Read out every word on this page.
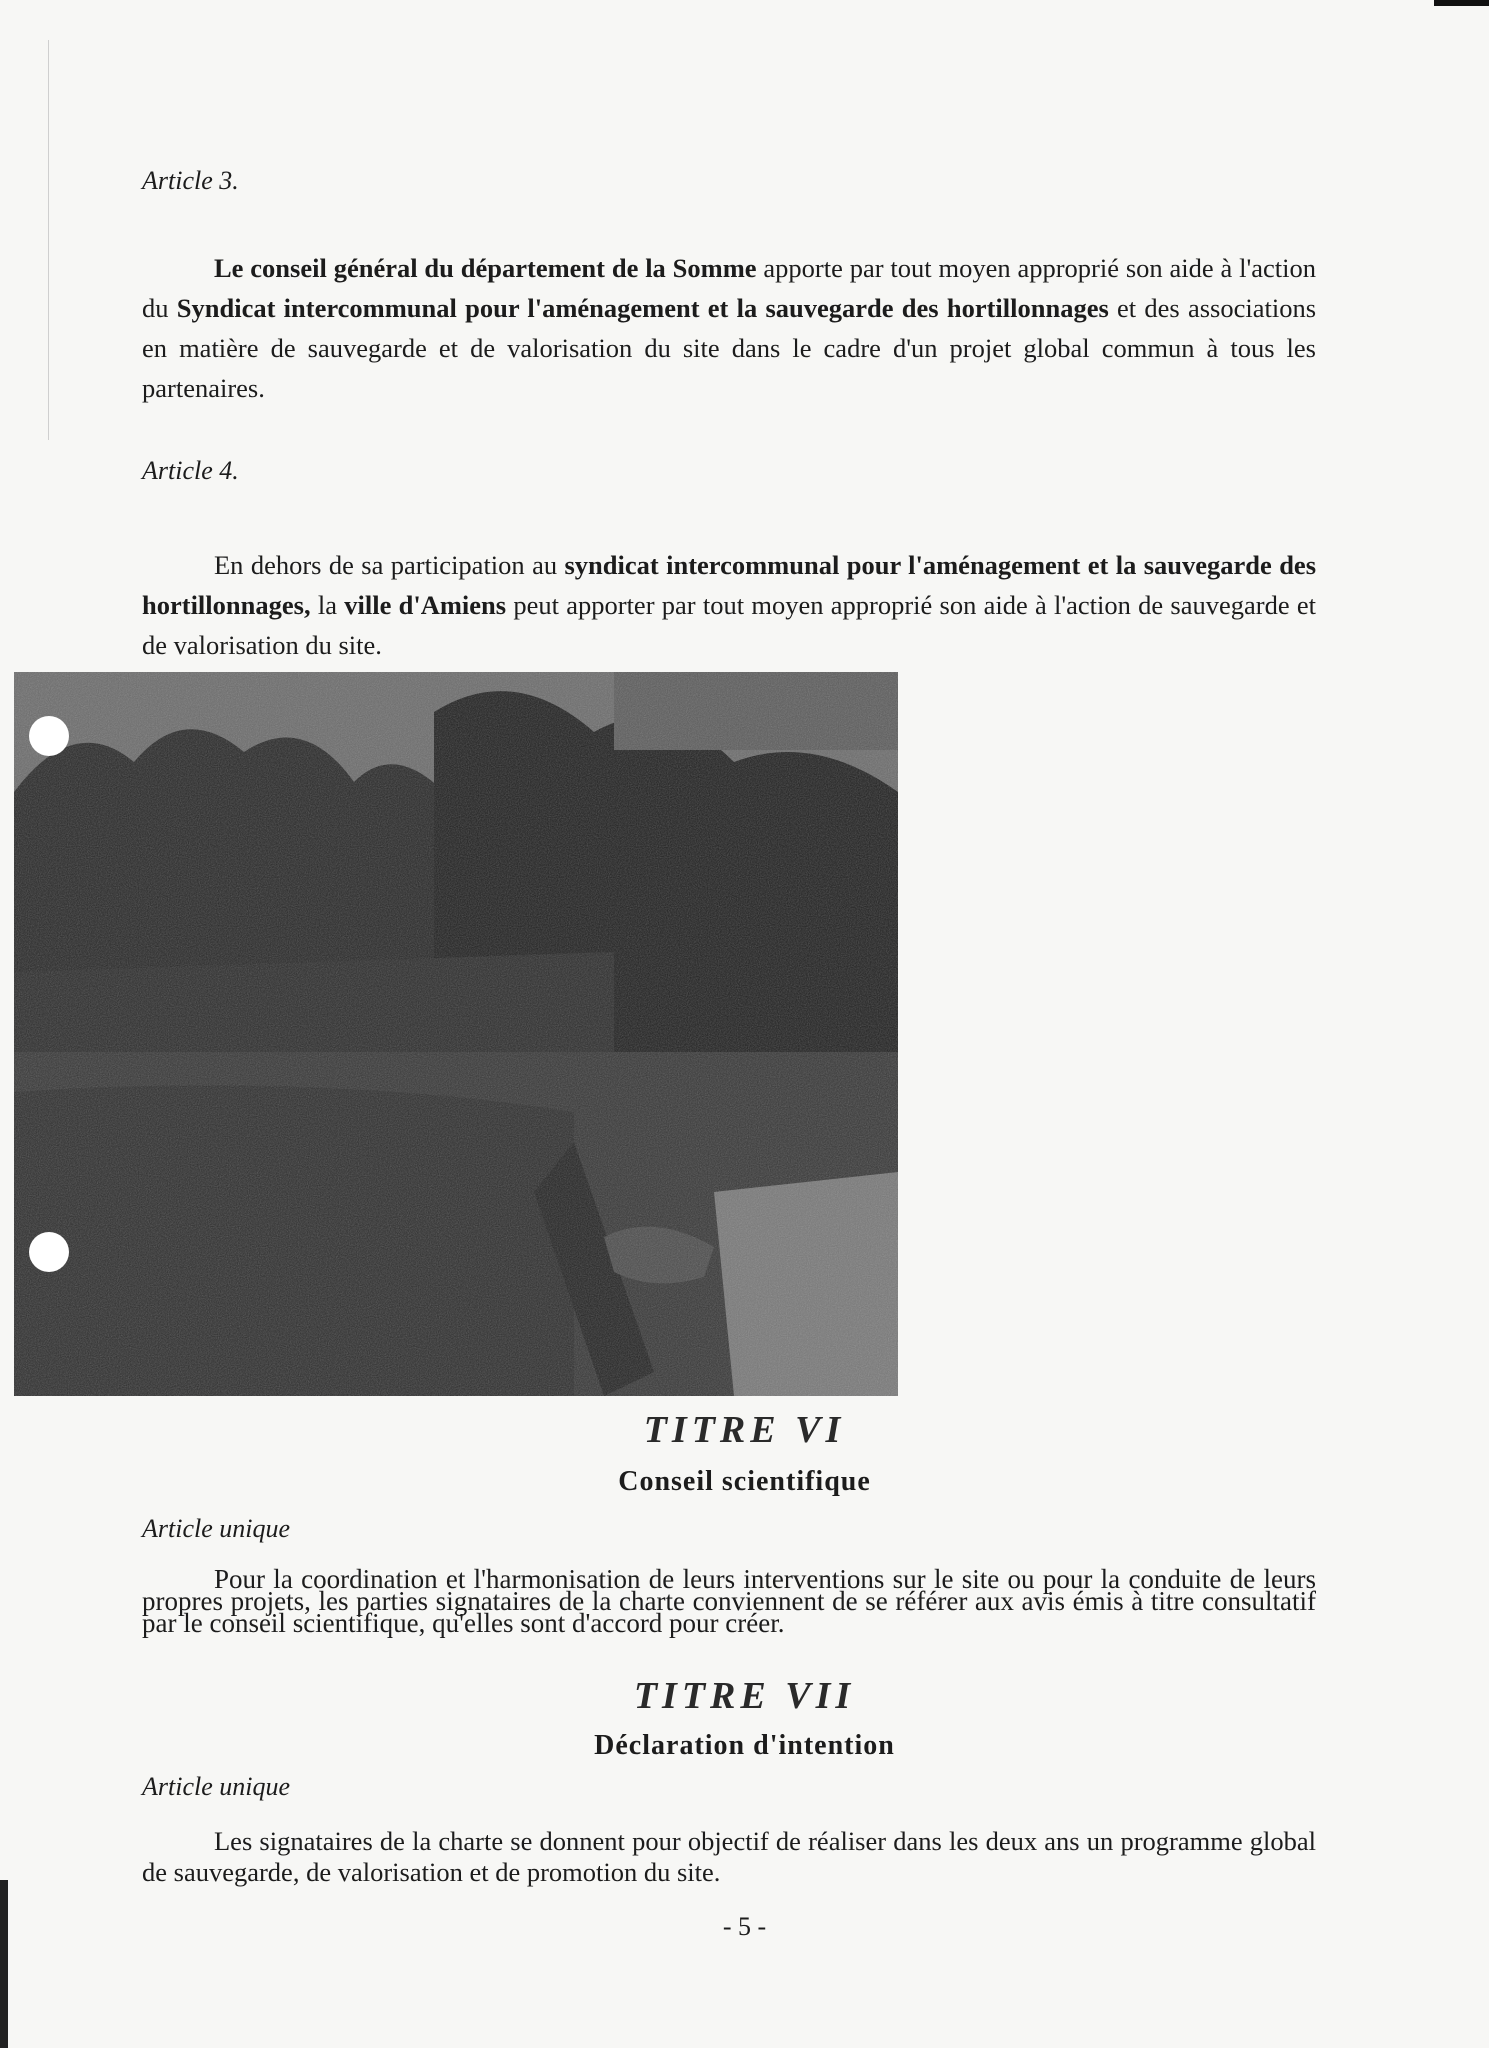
Article 3.

Le conseil général du département de la Somme apporte par tout moyen approprié son aide à l'action du Syndicat intercommunal pour l'aménagement et la sauvegarde des hortillonnages et des associations en matière de sauvegarde et de valorisation du site dans le cadre d'un projet global commun à tous les partenaires.

Article 4.

En dehors de sa participation au syndicat intercommunal pour l'aménagement et la sauvegarde des hortillonnages, la ville d'Amiens peut apporter par tout moyen approprié son aide à l'action de sauvegarde et de valorisation du site.

TITRE VI
Conseil scientifique
Article unique

Pour la coordination et l'harmonisation de leurs interventions sur le site ou pour la conduite de leurs propres projets, les parties signataires de la charte conviennent de se référer aux avis émis à titre consultatif par le conseil scientifique, qu'elles sont d'accord pour créer.

TITRE VII
Déclaration d'intention
Article unique

Les signataires de la charte se donnent pour objectif de réaliser dans les deux ans un programme global de sauvegarde, de valorisation et de promotion du site.

- 5 -
